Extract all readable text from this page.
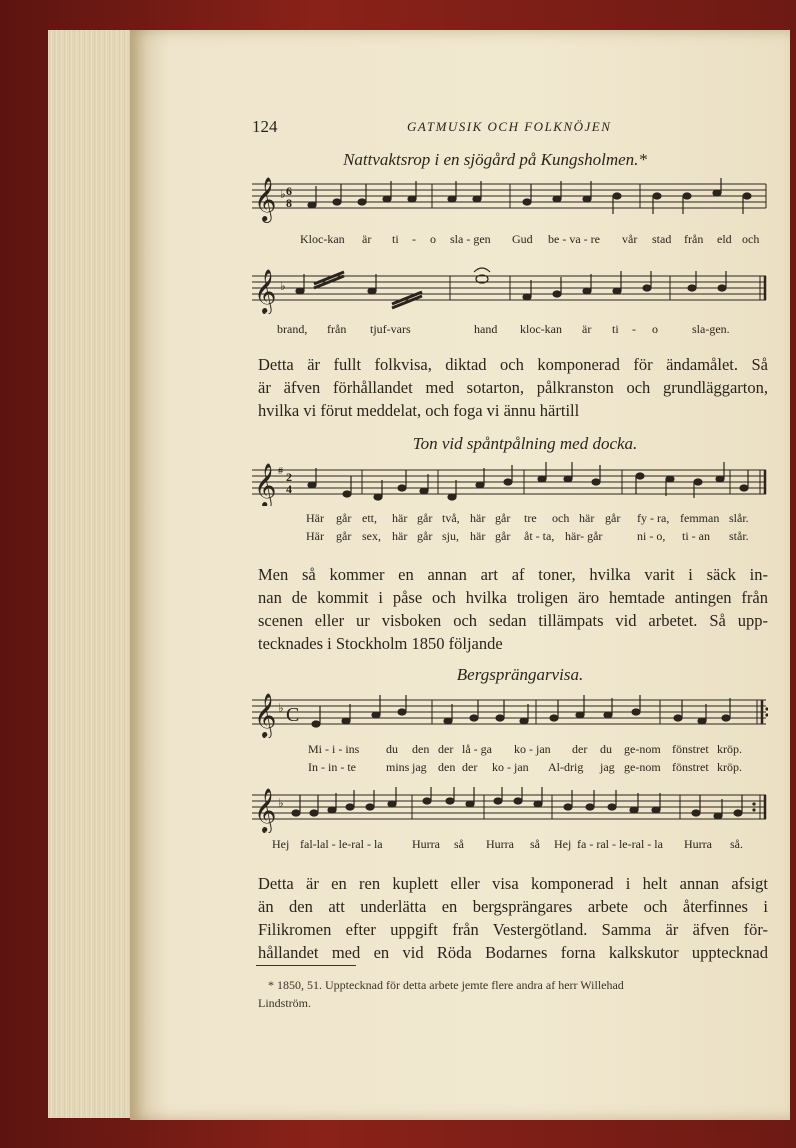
124	GATMUSIK OCH FOLKNÖJEN
Nattvaktsrop i en sjögård på Kungsholmen.*
𝄞 ♭ 6
8
Kloc-kan är ti - o sla - gen Gud be - va - re vår stad från eld och
𝄞 ♭
brand, från tjuf-vars	hand kloc-kan är ti - o	sla-gen.
Detta är fullt folkvisa, diktad och komponerad för ändamålet. Så
är äfven förhållandet med sotarton, pålkranston och grundläggarton,
hvilka vi förut meddelat, och foga vi ännu härtill
Ton vid spåntpålning med docka.
𝄞 # 2
4
Här går ett, här går två, här går tre och här går fy - ra, femman slår.
Här går sex, här går sju, här går åt - ta, här- går	ni - o, ti - an står.
Men så kommer en annan art af toner, hvilka varit i säck in-
nan de kommit i påse och hvilka troligen äro hemtade antingen från
scenen eller ur visboken och sedan tillämpats vid arbetet. Så upp-
tecknades i Stockholm 1850 följande
Bergsprängarvisa.
𝄞 ♭ C
Mi - i - ins du den der lå - ga ko - jan der du ge-nom fönstret kröp.
In - in - te	mins jag den der ko - jan Al-drig jag ge-nom fönstret kröp.
𝄞 ♭
Hej fal-lal - le-ral - la Hurra så Hurra så Hej fa - ral - le-ral - la Hurra så.
Detta är en ren kuplett eller visa komponerad i helt annan afsigt
än den att underlätta en bergsprängares arbete och återfinnes i
Filikromen efter uppgift från Vestergötland. Samma är äfven för-
hållandet med en vid Röda Bodarnes forna kalkskutor upptecknad
* 1850, 51. Upptecknad för detta arbete jemte flere andra af herr Willehad
Lindström.
